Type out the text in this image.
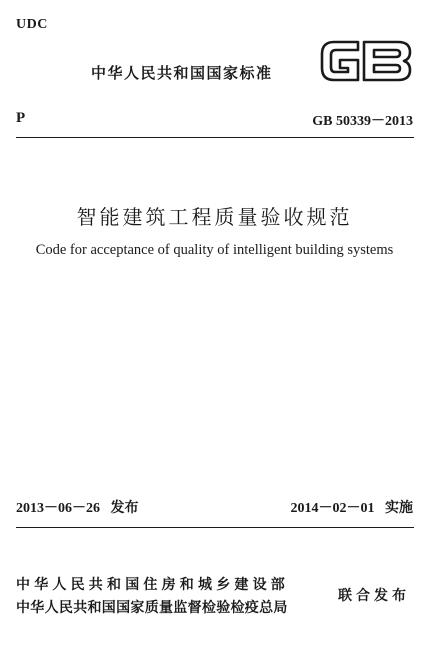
UDC
中华人民共和国国家标准
P	GB 50339－2013
智能建筑工程质量验收规范
Code for acceptance of quality of intelligent building systems
2013－06－26 发布	2014－02－01 实施
中华人民共和国住房和城乡建设部
中华人民共和国国家质量监督检验检疫总局
联合发布
